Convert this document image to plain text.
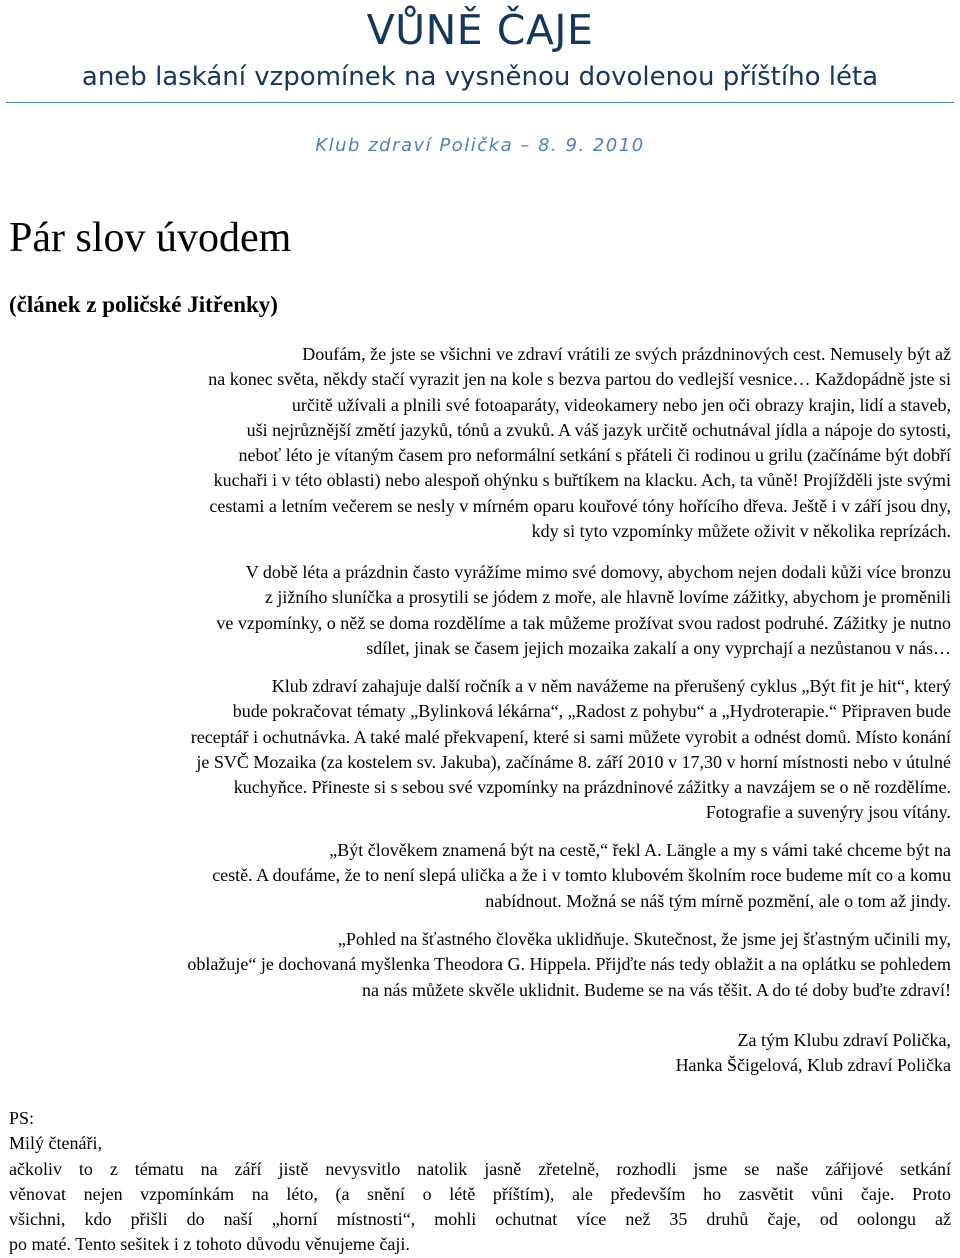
VŮNĚ ČAJE
aneb laskání vzpomínek na vysněnou dovolenou příštího léta
Klub zdraví Polička – 8. 9. 2010
Pár slov úvodem
(článek z poličské Jitřenky)
Doufám, že jste se všichni ve zdraví vrátili ze svých prázdninových cest. Nemusely být až
na konec světa, někdy stačí vyrazit jen na kole s bezva partou do vedlejší vesnice… Každopádně jste si
určitě užívali a plnili své fotoaparáty, videokamery nebo jen oči obrazy krajin, lidí a staveb,
uši nejrůznější změtí jazyků, tónů a zvuků. A váš jazyk určitě ochutnával jídla a nápoje do sytosti,
neboť léto je vítaným časem pro neformální setkání s přáteli či rodinou u grilu (začínáme být dobří
kuchaři i v této oblasti) nebo alespoň ohýnku s buřtíkem na klacku. Ach, ta vůně! Projížděli jste svými
cestami a letním večerem se nesly v mírném oparu kouřové tóny hořícího dřeva. Ještě i v září jsou dny,
kdy si tyto vzpomínky můžete oživit v několika reprízách.
V době léta a prázdnin často vyrážíme mimo své domovy, abychom nejen dodali kůži více bronzu
z jižního sluníčka a prosytili se jódem z moře, ale hlavně lovíme zážitky, abychom je proměnili
ve vzpomínky, o něž se doma rozdělíme a tak můžeme prožívat svou radost podruhé. Zážitky je nutno
sdílet, jinak se časem jejich mozaika zakalí a ony vyprchají a nezůstanou v nás…
Klub zdraví zahajuje další ročník a v něm navážeme na přerušený cyklus „Být fit je hit“, který
bude pokračovat tématy „Bylinková lékárna“, „Radost z pohybu“ a „Hydroterapie.“ Připraven bude
receptář i ochutnávka. A také malé překvapení, které si sami můžete vyrobit a odnést domů. Místo konání
je SVČ Mozaika (za kostelem sv. Jakuba), začínáme 8. září 2010 v 17,30 v horní místnosti nebo v útulné
kuchyňce. Přineste si s sebou své vzpomínky na prázdninové zážitky a navzájem se o ně rozdělíme.
Fotografie a suvenýry jsou vítány.
„Být člověkem znamená být na cestě,“ řekl A. Längle a my s vámi také chceme být na
cestě. A doufáme, že to není slepá ulička a že i v tomto klubovém školním roce budeme mít co a komu
nabídnout. Možná se náš tým mírně pozmění, ale o tom až jindy.
„Pohled na šťastného člověka uklidňuje. Skutečnost, že jsme jej šťastným učinili my,
oblažuje“ je dochovaná myšlenka Theodora G. Hippela. Přijďte nás tedy oblažit a na oplátku se pohledem
na nás můžete skvěle uklidnit. Budeme se na vás těšit. A do té doby buďte zdraví!
Za tým Klubu zdraví Polička,
Hanka Ščigelová, Klub zdraví Polička
PS:
Milý čtenáři,
ačkoliv to z tématu na září jistě nevysvitlo natolik jasně zřetelně, rozhodli jsme se naše zářijové setkání
věnovat nejen vzpomínkám na léto, (a snění o létě příštím), ale především ho zasvětit vůni čaje. Proto
všichni, kdo přišli do naší „horní místnosti“, mohli ochutnat více než 35 druhů čaje, od oolongu až
po maté. Tento sešitek i z tohoto důvodu věnujeme čaji.
